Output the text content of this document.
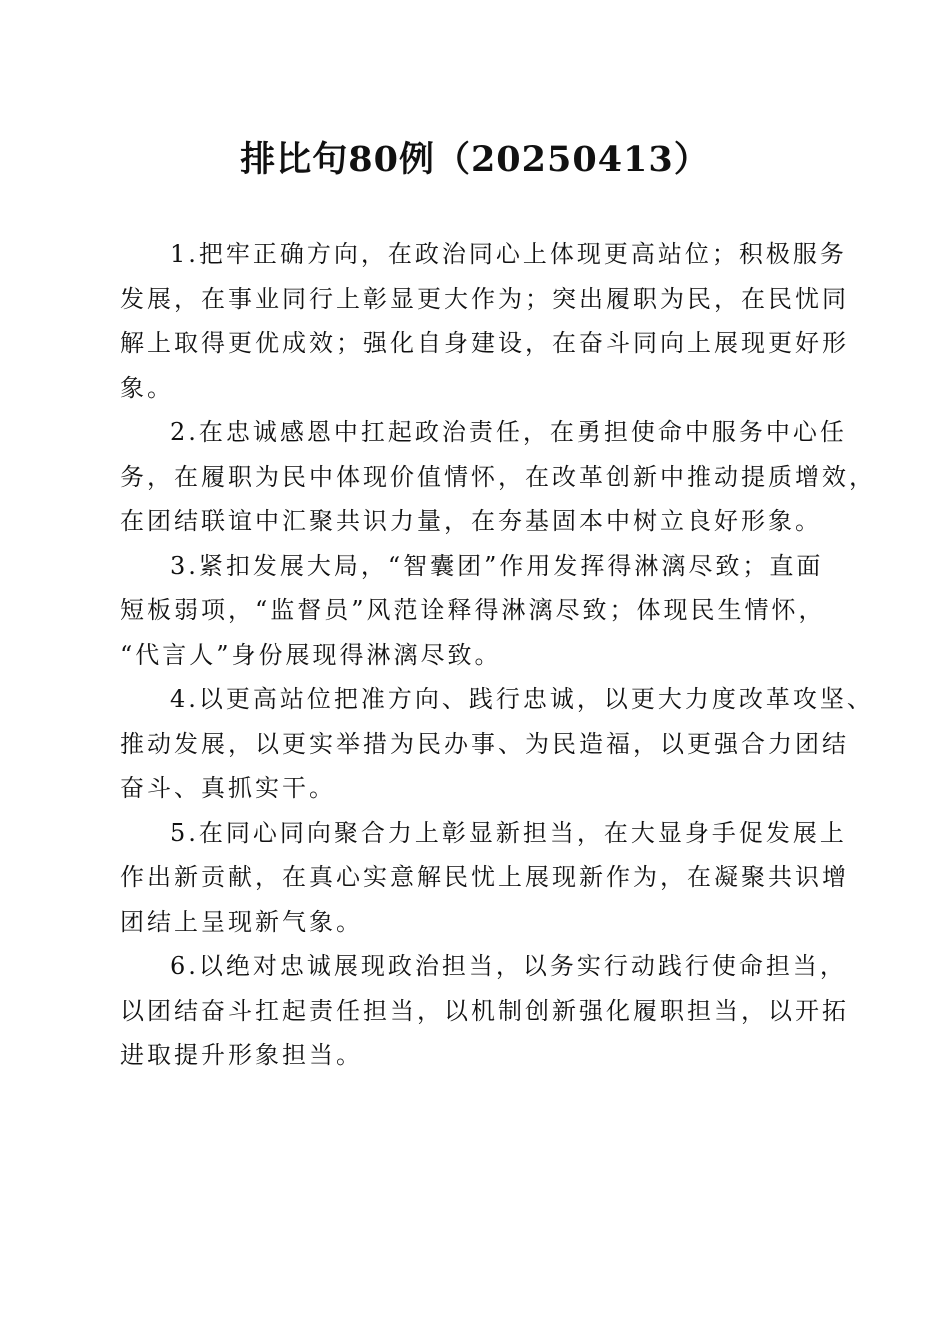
排比句80例（20250413）

1.把牢正确方向，在政治同心上体现更高站位；积极服务
发展，在事业同行上彰显更大作为；突出履职为民，在民忧同
解上取得更优成效；强化自身建设，在奋斗同向上展现更好形
象。

2.在忠诚感恩中扛起政治责任，在勇担使命中服务中心任
务，在履职为民中体现价值情怀，在改革创新中推动提质增效，
在团结联谊中汇聚共识力量，在夯基固本中树立良好形象。

3.紧扣发展大局，“智囊团”作用发挥得淋漓尽致；直面
短板弱项，“监督员”风范诠释得淋漓尽致；体现民生情怀，
“代言人”身份展现得淋漓尽致。

4.以更高站位把准方向、践行忠诚，以更大力度改革攻坚、
推动发展，以更实举措为民办事、为民造福，以更强合力团结
奋斗、真抓实干。

5.在同心同向聚合力上彰显新担当，在大显身手促发展上
作出新贡献，在真心实意解民忧上展现新作为，在凝聚共识增
团结上呈现新气象。

6.以绝对忠诚展现政治担当，以务实行动践行使命担当，
以团结奋斗扛起责任担当，以机制创新强化履职担当，以开拓
进取提升形象担当。
